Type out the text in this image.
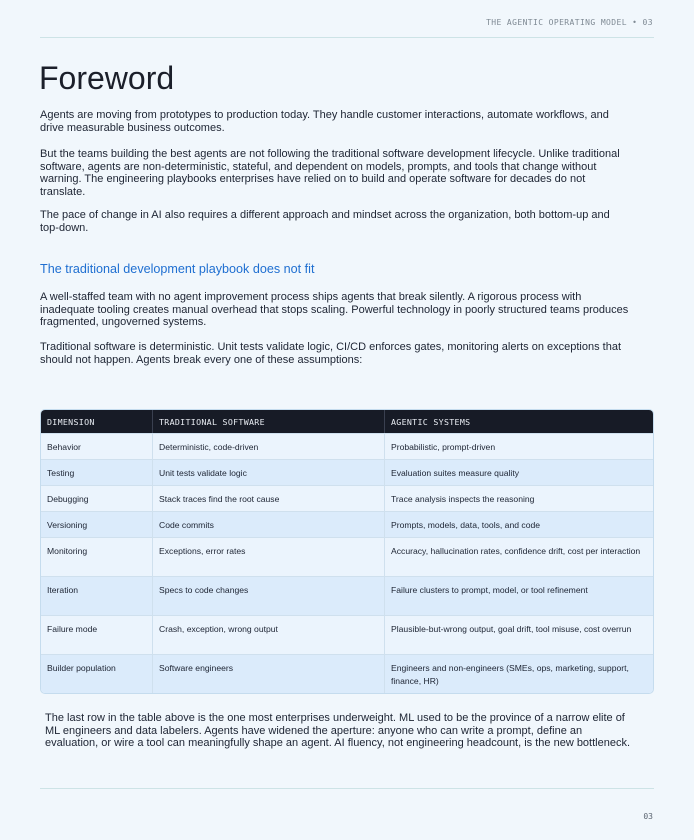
THE AGENTIC OPERATING MODEL • 03
Foreword

Agents are moving from prototypes to production today. They handle customer interactions, automate workflows, and drive measurable business outcomes.

But the teams building the best agents are not following the traditional software development lifecycle. Unlike traditional software, agents are non-deterministic, stateful, and dependent on models, prompts, and tools that change without warning. The engineering playbooks enterprises have relied on to build and operate software for decades do not translate.

The pace of change in AI also requires a different approach and mindset across the organization, both bottom-up and top-down.

The traditional development playbook does not fit

A well-staffed team with no agent improvement process ships agents that break silently. A rigorous process with inadequate tooling creates manual overhead that stops scaling. Powerful technology in poorly structured teams produces fragmented, ungoverned systems.

Traditional software is deterministic. Unit tests validate logic, CI/CD enforces gates, monitoring alerts on exceptions that should not happen. Agents break every one of these assumptions:

DIMENSION	TRADITIONAL SOFTWARE	AGENTIC SYSTEMS
Behavior	Deterministic, code-driven	Probabilistic, prompt-driven
Testing	Unit tests validate logic	Evaluation suites measure quality
Debugging	Stack traces find the root cause	Trace analysis inspects the reasoning
Versioning	Code commits	Prompts, models, data, tools, and code
Monitoring	Exceptions, error rates	Accuracy, hallucination rates, confidence drift, cost per interaction
Iteration	Specs to code changes	Failure clusters to prompt, model, or tool refinement
Failure mode	Crash, exception, wrong output	Plausible-but-wrong output, goal drift, tool misuse, cost overrun
Builder population	Software engineers	Engineers and non-engineers (SMEs, ops, marketing, support, finance, HR)

The last row in the table above is the one most enterprises underweight. ML used to be the province of a narrow elite of ML engineers and data labelers. Agents have widened the aperture: anyone who can write a prompt, define an evaluation, or wire a tool can meaningfully shape an agent. AI fluency, not engineering headcount, is the new bottleneck.

03
